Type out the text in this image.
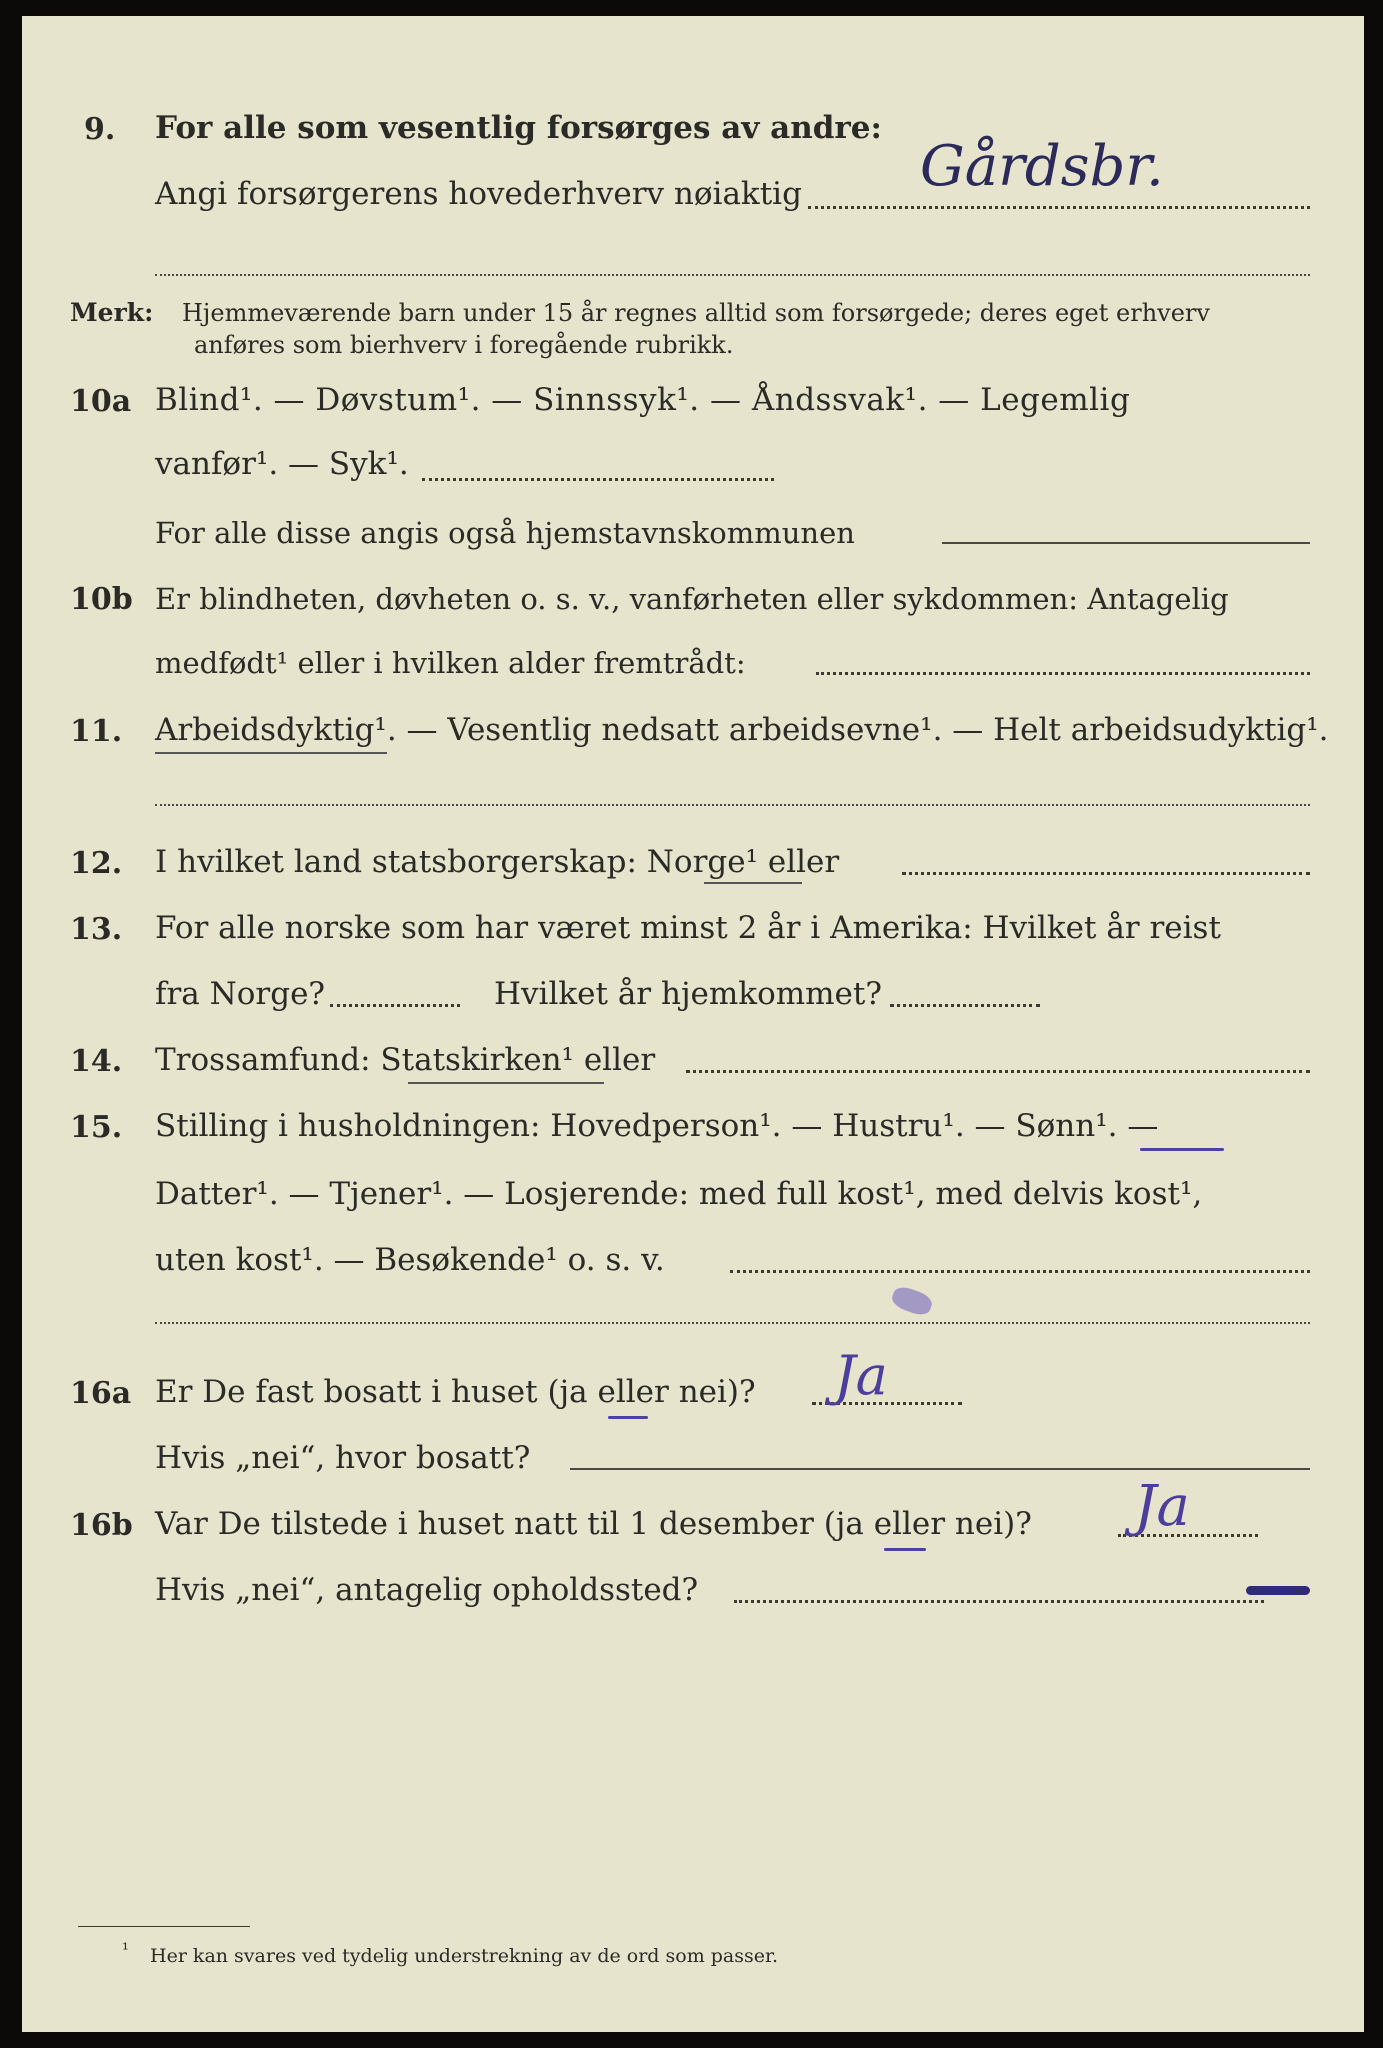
9. For alle som vesentlig forsørges av andre:
Angi forsørgerens hovederhverv nøiaktig Gårdsbr.
Merk: Hjemmeværende barn under 15 år regnes alltid som forsørgede; deres eget erhverv
anføres som bierhverv i foregående rubrikk.
10a Blind¹. — Døvstum¹. — Sinnssyk¹. — Åndssvak¹. — Legemlig
vanfør¹. — Syk¹.
For alle disse angis også hjemstavnskommunen
10b Er blindheten, døvheten o. s. v., vanførheten eller sykdommen: Antagelig
medfødt¹ eller i hvilken alder fremtrådt:
11. Arbeidsdyktig¹. — Vesentlig nedsatt arbeidsevne¹. — Helt arbeidsudyktig¹.
12. I hvilket land statsborgerskap: Norge¹ eller
13. For alle norske som har været minst 2 år i Amerika: Hvilket år reist
fra Norge?	Hvilket år hjemkommet?
14. Trossamfund: Statskirken¹ eller
15. Stilling i husholdningen: Hovedperson¹. — Hustru¹. — Sønn¹. —
Datter¹. — Tjener¹. — Losjerende: med full kost¹, med delvis kost¹,
uten kost¹. — Besøkende¹ o. s. v.
16a Er De fast bosatt i huset (ja eller nei)? Ja
Hvis „nei“, hvor bosatt?
16b Var De tilstede i huset natt til 1 desember (ja eller nei)? Ja
Hvis „nei“, antagelig opholdssted?
¹ Her kan svares ved tydelig understrekning av de ord som passer.
